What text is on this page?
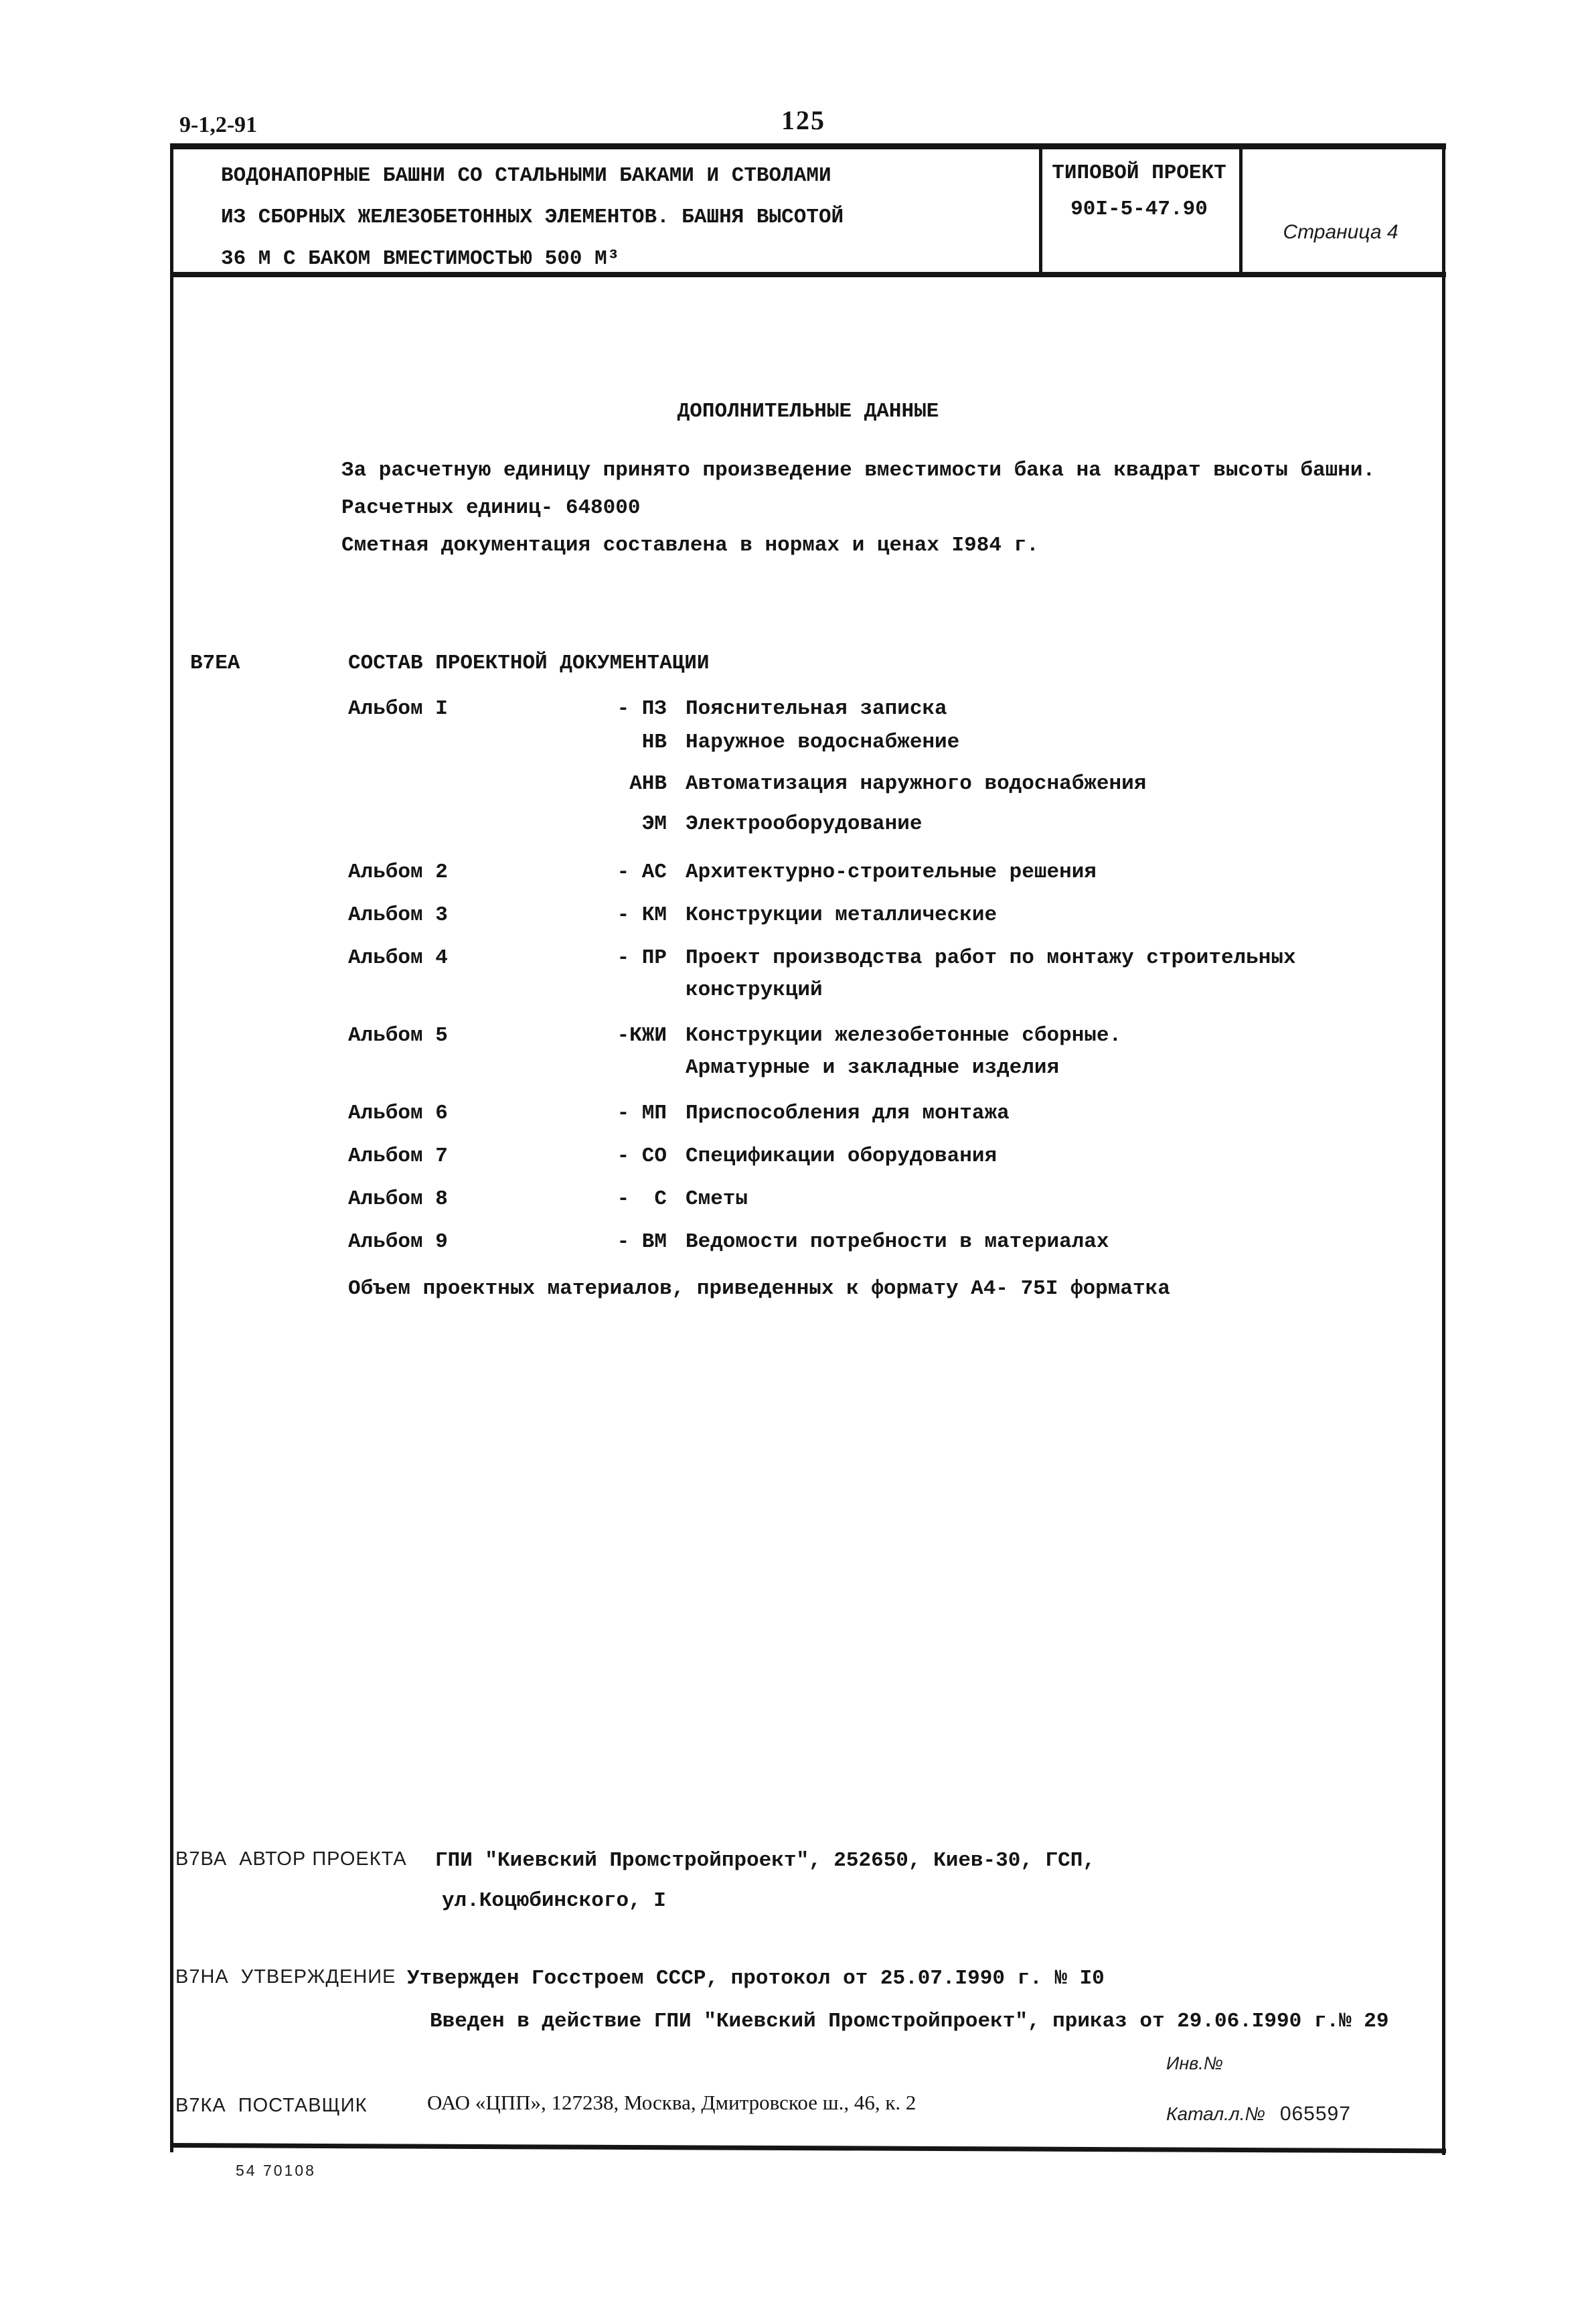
9-1,2-91	125
ВОДОНАПОРНЫЕ БАШНИ СО СТАЛЬНЫМИ БАКАМИ И СТВОЛАМИ
ИЗ СБОРНЫХ ЖЕЛЕЗОБЕТОННЫХ ЭЛЕМЕНТОВ. БАШНЯ ВЫСОТОЙ
36 М С БАКОМ ВМЕСТИМОСТЬЮ 500 М³
ТИПОВОЙ ПРОЕКТ
90I-5-47.90
Страница 4
ДОПОЛНИТЕЛЬНЫЕ ДАННЫЕ
За расчетную единицу принято произведение вместимости бака на квадрат высоты башни.
Расчетных единиц- 648000
Сметная документация составлена в нормах и ценах I984 г.
В7ЕА	СОСТАВ ПРОЕКТНОЙ ДОКУМЕНТАЦИИ
Альбом I	- ПЗ Пояснительная записка
НВ Наружное водоснабжение
АНВ Автоматизация наружного водоснабжения
ЭМ Электрооборудование
Альбом 2	- АС Архитектурно-строительные решения
Альбом 3	- КМ Конструкции металлические
Альбом 4	- ПР Проект производства работ по монтажу строительных
конструкций
Альбом 5	-КЖИ Конструкции железобетонные сборные.
Арматурные и закладные изделия
Альбом 6	- МП Приспособления для монтажа
Альбом 7	- СО Спецификации оборудования
Альбом 8	-  С Сметы
Альбом 9	- ВМ Ведомости потребности в материалах
Объем проектных материалов, приведенных к формату А4- 75I форматка
В7ВА АВТОР ПРОЕКТА ГПИ "Киевский Промстройпроект", 252650, Киев-30, ГСП,
ул.Коцюбинского, I
В7НА УТВЕРЖДЕНИЕ Утвержден Госстроем СССР, протокол от 25.07.I990 г. № I0
Введен в действие ГПИ "Киевский Промстройпроект", приказ от 29.06.I990 г.№ 29
Инв.№
В7КА ПОСТАВЩИК	ОАО «ЦПП», 127238, Москва, Дмитровское ш., 46, к. 2	Катал.л.№ 065597
54 70108
